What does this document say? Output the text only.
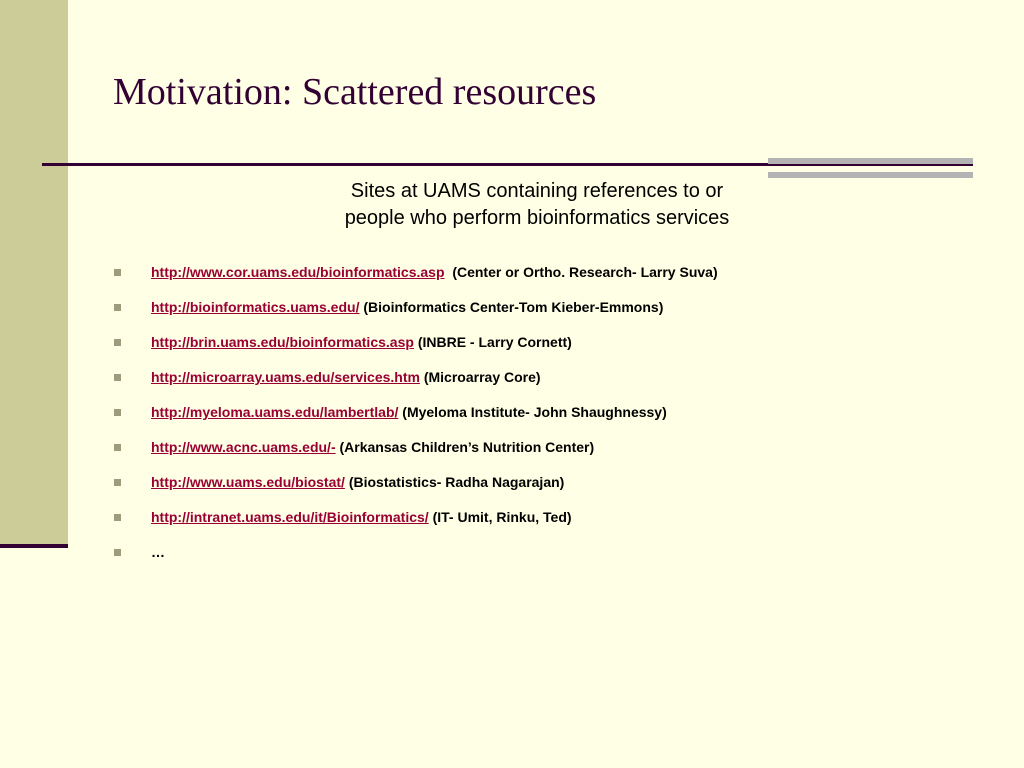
Motivation: Scattered resources
Sites at UAMS containing references to or
people who perform bioinformatics services
http://www.cor.uams.edu/bioinformatics.asp (Center or Ortho. Research- Larry Suva)
http://bioinformatics.uams.edu/ (Bioinformatics Center-Tom Kieber-Emmons)
http://brin.uams.edu/bioinformatics.asp (INBRE - Larry Cornett)
http://microarray.uams.edu/services.htm (Microarray Core)
http://myeloma.uams.edu/lambertlab/ (Myeloma Institute- John Shaughnessy)
http://www.acnc.uams.edu/- (Arkansas Children’s Nutrition Center)
http://www.uams.edu/biostat/ (Biostatistics- Radha Nagarajan)
http://intranet.uams.edu/it/Bioinformatics/ (IT- Umit, Rinku, Ted)
…
